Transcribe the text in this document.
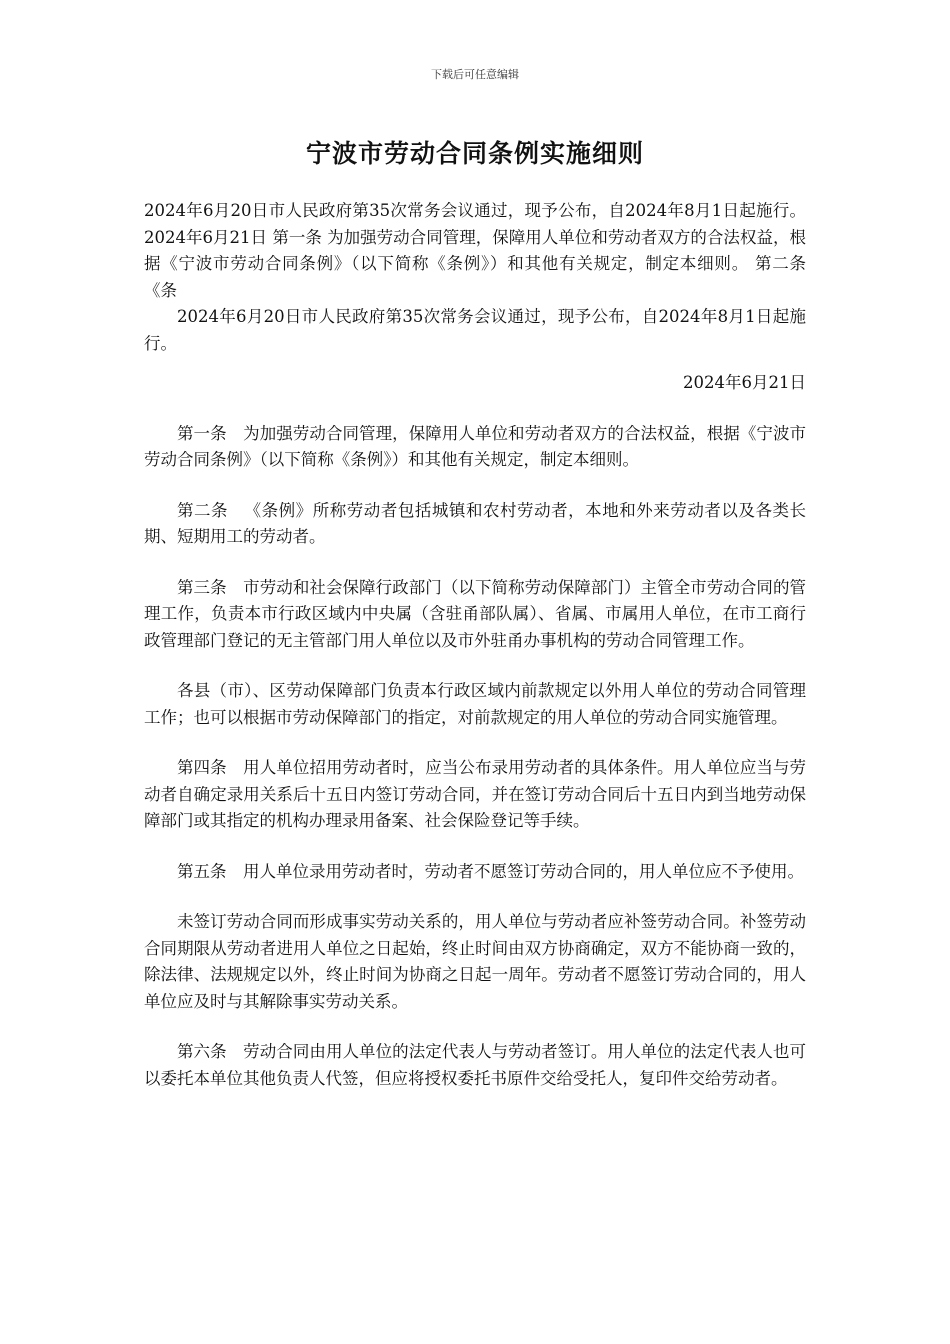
下载后可任意编辑
宁波市劳动合同条例实施细则

2024年6月20日市人民政府第35次常务会议通过，现予公布，自2024年8月1日起施行。 2024年6月21日 第一条 为加强劳动合同管理，保障用人单位和劳动者双方的合法权益，根据《宁波市劳动合同条例》（以下简称《条例》）和其他有关规定，制定本细则。 第二条 《条

2024年6月20日市人民政府第35次常务会议通过，现予公布，自2024年8月1日起施行。

2024年6月21日

第一条 为加强劳动合同管理，保障用人单位和劳动者双方的合法权益，根据《宁波市劳动合同条例》（以下简称《条例》）和其他有关规定，制定本细则。

第二条 《条例》所称劳动者包括城镇和农村劳动者，本地和外来劳动者以及各类长期、短期用工的劳动者。

第三条 市劳动和社会保障行政部门（以下简称劳动保障部门）主管全市劳动合同的管理工作，负责本市行政区域内中央属（含驻甬部队属）、省属、市属用人单位，在市工商行政管理部门登记的无主管部门用人单位以及市外驻甬办事机构的劳动合同管理工作。

各县（市）、区劳动保障部门负责本行政区域内前款规定以外用人单位的劳动合同管理工作；也可以根据市劳动保障部门的指定，对前款规定的用人单位的劳动合同实施管理。

第四条 用人单位招用劳动者时，应当公布录用劳动者的具体条件。用人单位应当与劳动者自确定录用关系后十五日内签订劳动合同，并在签订劳动合同后十五日内到当地劳动保障部门或其指定的机构办理录用备案、社会保险登记等手续。

第五条 用人单位录用劳动者时，劳动者不愿签订劳动合同的，用人单位应不予使用。

未签订劳动合同而形成事实劳动关系的，用人单位与劳动者应补签劳动合同。补签劳动合同期限从劳动者进用人单位之日起始，终止时间由双方协商确定，双方不能协商一致的，除法律、法规规定以外，终止时间为协商之日起一周年。劳动者不愿签订劳动合同的，用人单位应及时与其解除事实劳动关系。

第六条 劳动合同由用人单位的法定代表人与劳动者签订。用人单位的法定代表人也可以委托本单位其他负责人代签，但应将授权委托书原件交给受托人，复印件交给劳动者。
